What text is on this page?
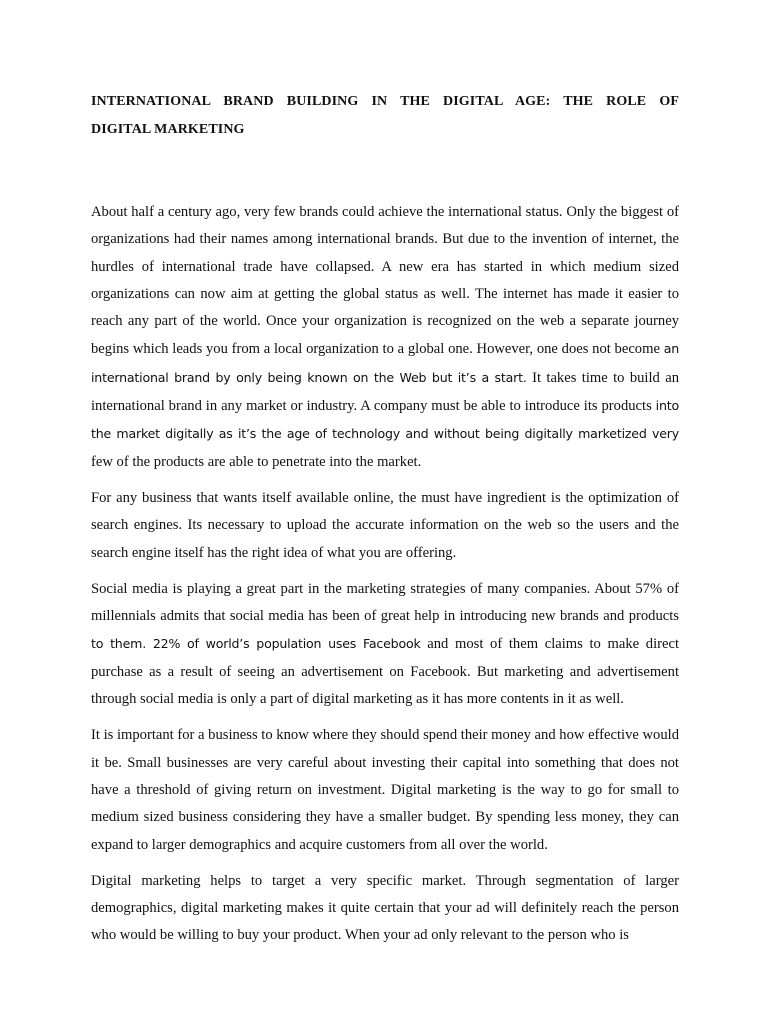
INTERNATIONAL BRAND BUILDING IN THE DIGITAL AGE: THE ROLE OF
DIGITAL MARKETING

About half a century ago, very few brands could achieve the international status. Only the biggest of organizations had their names among international brands. But due to the invention of internet, the hurdles of international trade have collapsed. A new era has started in which medium sized organizations can now aim at getting the global status as well. The internet has made it easier to reach any part of the world. Once your organization is recognized on the web a separate journey begins which leads you from a local organization to a global one. However, one does not become an international brand by only being known on the Web but it’s a start. It takes time to build an international brand in any market or industry. A company must be able to introduce its products into the market digitally as it’s the age of technology and without being digitally marketized very few of the products are able to penetrate into the market.

For any business that wants itself available online, the must have ingredient is the optimization of search engines. Its necessary to upload the accurate information on the web so the users and the search engine itself has the right idea of what you are offering.

Social media is playing a great part in the marketing strategies of many companies. About 57% of millennials admits that social media has been of great help in introducing new brands and products to them. 22% of world’s population uses Facebook and most of them claims to make direct purchase as a result of seeing an advertisement on Facebook. But marketing and advertisement through social media is only a part of digital marketing as it has more contents in it as well.

It is important for a business to know where they should spend their money and how effective would it be. Small businesses are very careful about investing their capital into something that does not have a threshold of giving return on investment. Digital marketing is the way to go for small to medium sized business considering they have a smaller budget. By spending less money, they can expand to larger demographics and acquire customers from all over the world.

Digital marketing helps to target a very specific market. Through segmentation of larger demographics, digital marketing makes it quite certain that your ad will definitely reach the person who would be willing to buy your product. When your ad only relevant to the person who is
